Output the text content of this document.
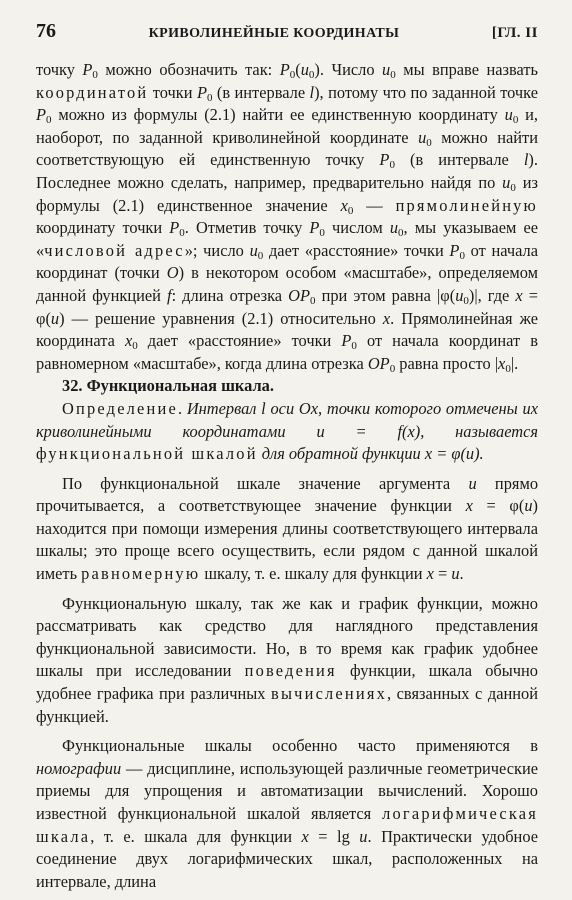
76	КРИВОЛИНЕЙНЫЕ КООРДИНАТЫ	[ГЛ. II

точку $P_0$ можно обозначить так: $P_0(u_0)$. Число $u_0$ мы вправе назвать координатой точки $P_0$ (в интервале l), потому что по заданной точке $P_0$ можно из формулы (2.1) найти ее единственную координату $u_0$ и, наоборот, по заданной криволинейной координате $u_0$ можно найти соответствующую ей единственную точку $P_0$ (в интервале l). Последнее можно сделать, например, предварительно найдя по $u_0$ из формулы (2.1) единственное значение $x_0$ — прямолинейную координату точки $P_0$. Отметив точку $P_0$ числом $u_0$, мы указываем ее «числовой адрес»; число $u_0$ дает «расстояние» точки $P_0$ от начала координат (точки O) в некотором особом «масштабе», определяемом данной функцией f: длина отрезка $OP_0$ при этом равна $|\varphi(u_0)|$, где x = φ(u) — решение уравнения (2.1) относительно x. Прямолинейная же координата $x_0$ дает «расстояние» точки $P_0$ от начала координат в равномерном «масштабе», когда длина отрезка $OP_0$ равна просто $|x_0|$.

32. Функциональная шкала.

Определение. Интервал l оси Ox, точки которого отмечены их криволинейными координатами u = f(x), называется функциональной шкалой для обратной функции x = φ(u).

По функциональной шкале значение аргумента u прямо прочитывается, а соответствующее значение функции x = φ(u) находится при помощи измерения длины соответствующего интервала шкалы; это проще всего осуществить, если рядом с данной шкалой иметь равномерную шкалу, т. е. шкалу для функции x = u.

Функциональную шкалу, так же как и график функции, можно рассматривать как средство для наглядного представления функциональной зависимости. Но, в то время как график удобнее шкалы при исследовании поведения функции, шкала обычно удобнее графика при различных вычислениях, связанных с данной функцией.

Функциональные шкалы особенно часто применяются в номографии — дисциплине, использующей различные геометрические приемы для упрощения и автоматизации вычислений. Хорошо известной функциональной шкалой является логарифмическая шкала, т. е. шкала для функции x = lg u. Практически удобное соединение двух логарифмических шкал, расположенных на интервале, длина
